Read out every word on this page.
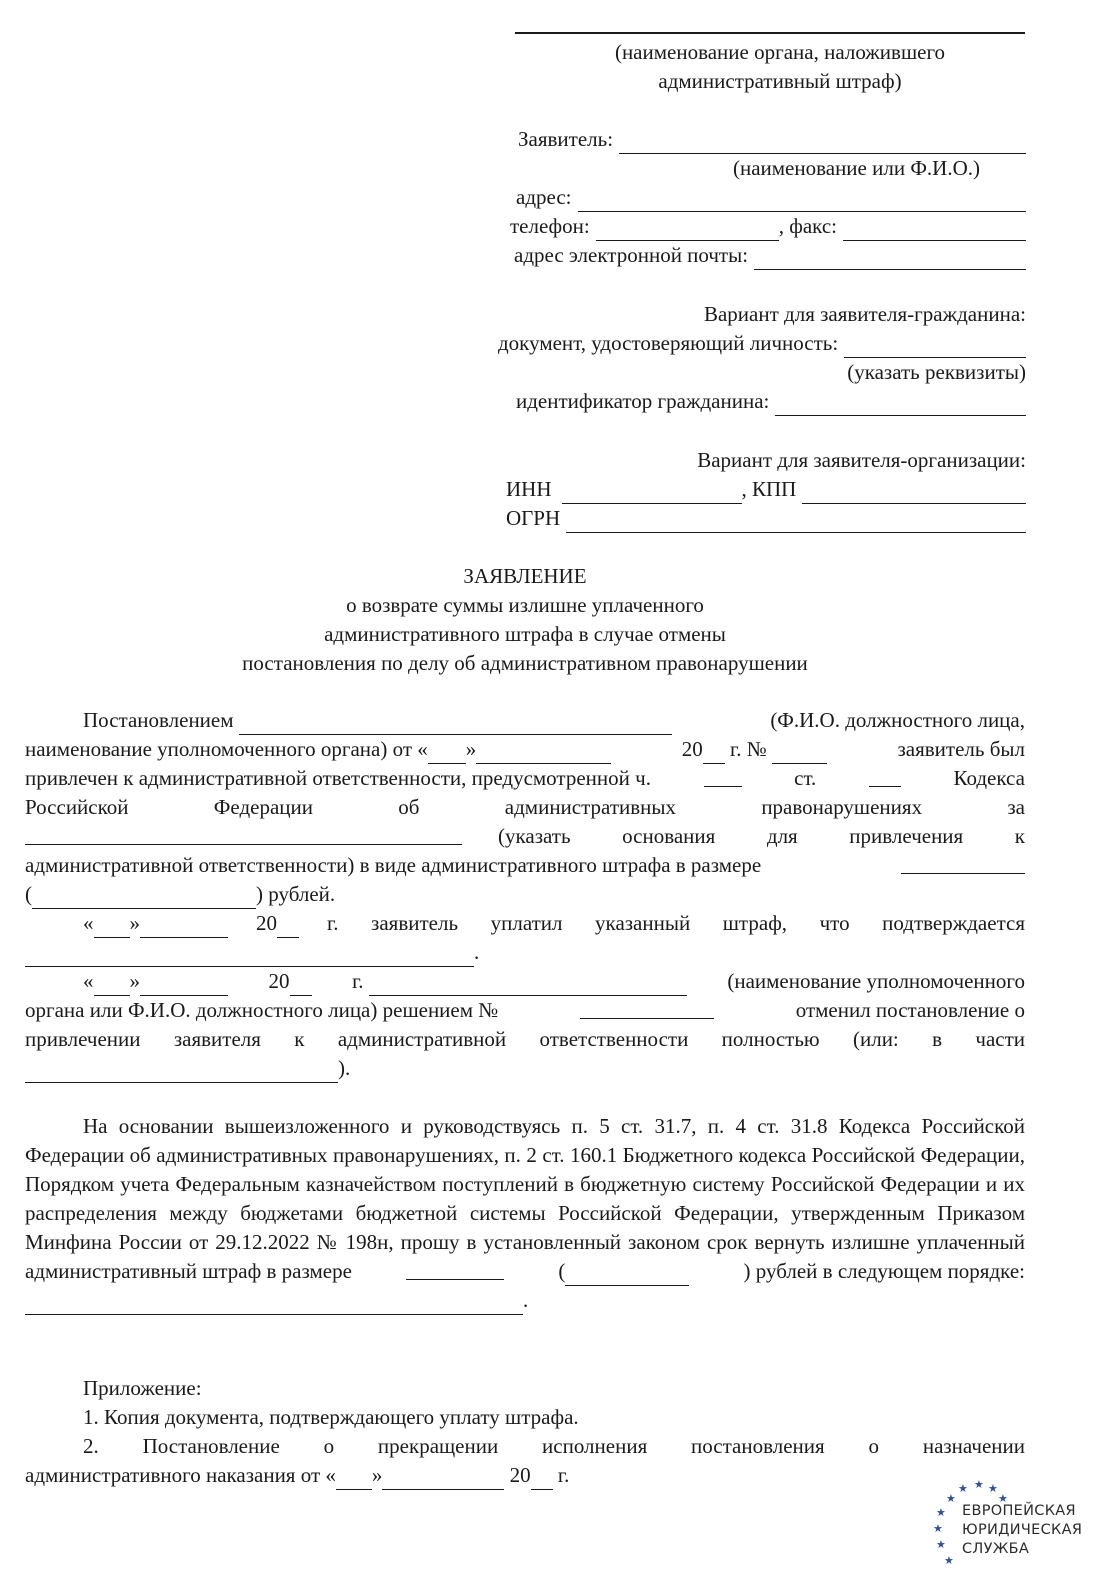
(наименование органа, наложившего
административный штраф)
Заявитель:
(наименование или Ф.И.О.)
адрес:
телефон:	, факс:
адрес электронной почты:
Вариант для заявителя-гражданина:
документ, удостоверяющий личность:
(указать реквизиты)
идентификатор гражданина:
Вариант для заявителя-организации:
ИНН	, КПП
ОГРН
ЗАЯВЛЕНИЕ
о возврате суммы излишне уплаченного
административного штрафа в случае отмены
постановления по делу об административном правонарушении
Постановлением	(Ф.И.О. должностного лица,
наименование уполномоченного органа) от « »	20 г. №	заявитель был
привлечен к административной ответственности, предусмотренной ч.	ст.	Кодекса
Российской Федерации об административных правонарушениях за
(указать основания для привлечения к
административной ответственности) в виде административного штрафа в размере
(	) рублей.
« »	20	г. заявитель уплатил указанный штраф, что подтверждается
.
« »	20	г.	(наименование уполномоченного
органа или Ф.И.О. должностного лица) решением №	отменил постановление о
привлечении заявителя к административной ответственности полностью (или: в части
).
На основании вышеизложенного и руководствуясь п. 5 ст. 31.7, п. 4 ст. 31.8 Кодекса Российской Федерации об административных правонарушениях, п. 2 ст. 160.1 Бюджетного кодекса Российской Федерации, Порядком учета Федеральным казначейством поступлений в бюджетную систему Российской Федерации и их распределения между бюджетами бюджетной системы Российской Федерации, утвержденным Приказом Минфина России от 29.12.2022 № 198н, прошу в установленный законом срок вернуть излишне уплаченный
административный штраф в размере	(	) рублей в следующем порядке:
.
Приложение:
1. Копия документа, подтверждающего уплату штрафа.
2. Постановление о прекращении исполнения постановления о назначении
административного наказания от « »	20 г.
★ ★ ★
★	★
★
★
★
★
ЕВРОПЕЙСКАЯ
ЮРИДИЧЕСКАЯ
СЛУЖБА
